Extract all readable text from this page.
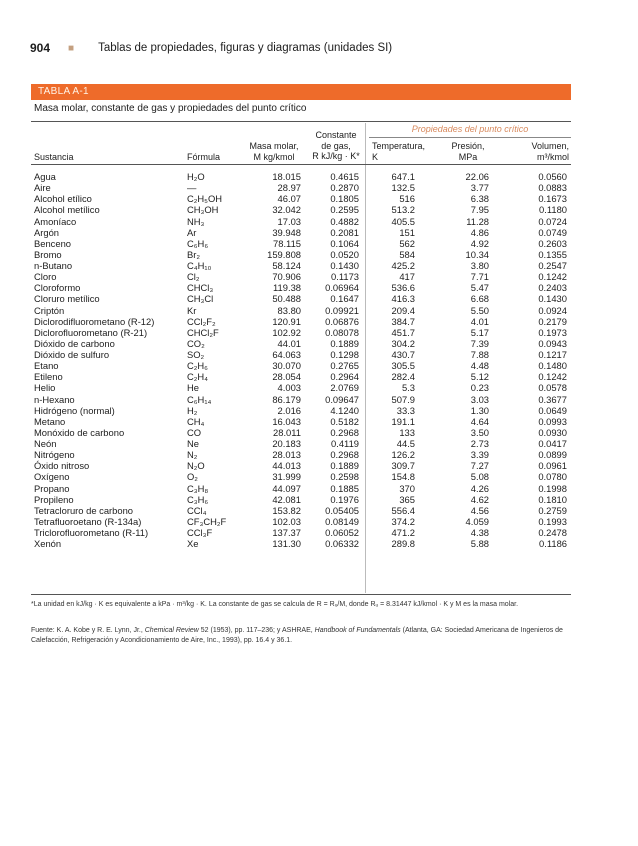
904 ■ Tablas de propiedades, figuras y diagramas (unidades SI)
TABLA A-1
Masa molar, constante de gas y propiedades del punto crítico
Propiedades del punto crítico
Sustancia	Fórmula
Masa molar,
M kg/kmol
Constante
de gas,
R kJ/kg · K*
Temperatura,
K
Presión,
MPa
Volumen,
m³/kmol
Agua	H₂O	18.015	0.4615	647.1	22.06	0.0560
Aire	—	28.97	0.2870	132.5	3.77	0.0883
Alcohol etílico	C₂H₅OH	46.07	0.1805	516	6.38	0.1673
Alcohol metílico	CH₃OH	32.042	0.2595	513.2	7.95	0.1180
Amoníaco	NH₃	17.03	0.4882	405.5	11.28	0.0724
Argón	Ar	39.948	0.2081	151	4.86	0.0749
Benceno	C₆H₆	78.115	0.1064	562	4.92	0.2603
Bromo	Br₂	159.808	0.0520	584	10.34	0.1355
n-Butano	C₄H₁₀	58.124	0.1430	425.2	3.80	0.2547
Cloro	Cl₂	70.906	0.1173	417	7.71	0.1242
Cloroformo	CHCl₃	119.38	0.06964	536.6	5.47	0.2403
Cloruro metílico	CH₃Cl	50.488	0.1647	416.3	6.68	0.1430
Criptón	Kr	83.80	0.09921	209.4	5.50	0.0924
Diclorodifluorometano (R-12)	CCl₂F₂	120.91	0.06876	384.7	4.01	0.2179
Diclorofluorometano (R-21)	CHCl₂F	102.92	0.08078	451.7	5.17	0.1973
Dióxido de carbono	CO₂	44.01	0.1889	304.2	7.39	0.0943
Dióxido de sulfuro	SO₂	64.063	0.1298	430.7	7.88	0.1217
Etano	C₂H₆	30.070	0.2765	305.5	4.48	0.1480
Etileno	C₂H₄	28.054	0.2964	282.4	5.12	0.1242
Helio	He	4.003	2.0769	5.3	0.23	0.0578
n-Hexano	C₆H₁₄	86.179	0.09647	507.9	3.03	0.3677
Hidrógeno (normal)	H₂	2.016	4.1240	33.3	1.30	0.0649
Metano	CH₄	16.043	0.5182	191.1	4.64	0.0993
Monóxido de carbono	CO	28.011	0.2968	133	3.50	0.0930
Neón	Ne	20.183	0.4119	44.5	2.73	0.0417
Nitrógeno	N₂	28.013	0.2968	126.2	3.39	0.0899
Óxido nitroso	N₂O	44.013	0.1889	309.7	7.27	0.0961
Oxígeno	O₂	31.999	0.2598	154.8	5.08	0.0780
Propano	C₃H₈	44.097	0.1885	370	4.26	0.1998
Propileno	C₃H₆	42.081	0.1976	365	4.62	0.1810
Tetracloruro de carbono	CCl₄	153.82	0.05405	556.4	4.56	0.2759
Tetrafluoroetano (R-134a)	CF₃CH₂F	102.03	0.08149	374.2	4.059	0.1993
Triclorofluorometano (R-11)	CCl₃F	137.37	0.06052	471.2	4.38	0.2478
Xenón	Xe	131.30	0.06332	289.8	5.88	0.1186
*La unidad en kJ/kg · K es equivalente a kPa · m³/kg · K. La constante de gas se calcula de R = Rᵤ/M, donde Rᵤ = 8.31447 kJ/kmol · K y M es la masa molar.
Fuente: K. A. Kobe y R. E. Lynn, Jr., Chemical Review 52 (1953), pp. 117–236; y ASHRAE, Handbook of Fundamentals (Atlanta, GA: Sociedad Americana de Ingenieros de Calefacción, Refrigeración y Acondicionamiento de Aire, Inc., 1993), pp. 16.4 y 36.1.
